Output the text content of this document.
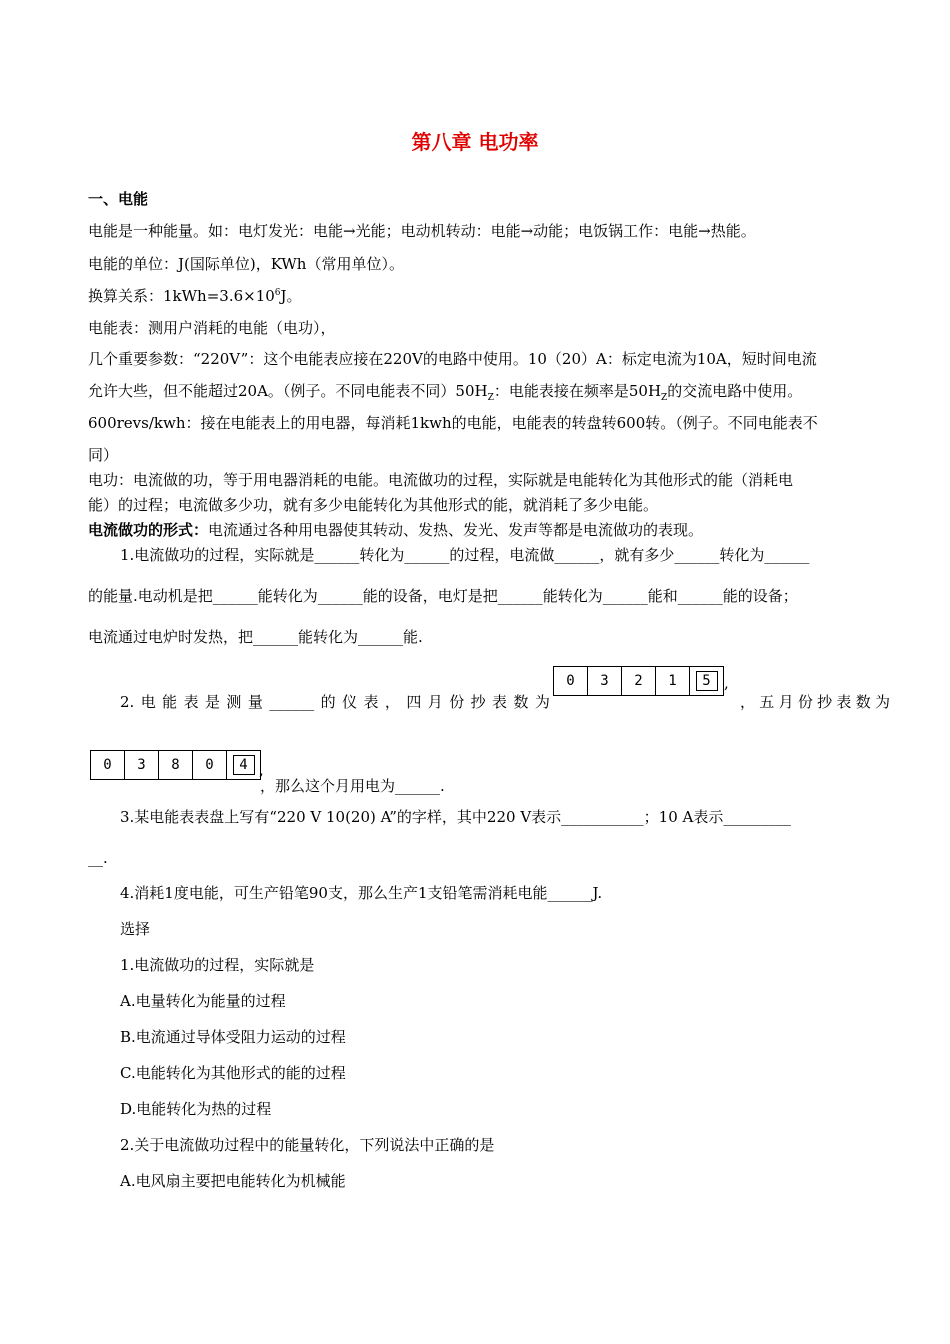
第八章 电功率
一、电能
电能是一种能量。如：电灯发光：电能→光能；电动机转动：电能→动能；电饭锅工作：电能→热能。
电能的单位：J(国际单位)，KWh（常用单位）。
换算关系：$1kWh=3.6\times 10^6J$。
电能表：测用户消耗的电能（电功），
几个重要参数：“220V”：这个电能表应接在220V的电路中使用。10（20）A：标定电流为10A，短时间电流
允许大些，但不能超过20A。（例子。不同电能表不同）$50H_Z$：电能表接在频率是$50H_Z$的交流电路中使用。
600revs/kwh：接在电能表上的用电器，每消耗1kwh的电能，电能表的转盘转600转。（例子。不同电能表不
同）
电功：电流做的功，等于用电器消耗的电能。电流做功的过程，实际就是电能转化为其他形式的能（消耗电
能）的过程；电流做多少功，就有多少电能转化为其他形式的能，就消耗了多少电能。
电流做功的形式：电流通过各种用电器使其转动、发热、发光、发声等都是电流做功的表现。
1.电流做功的过程，实际就是______转化为______的过程，电流做______，就有多少______转化为______
的能量.电动机是把______能转化为______能的设备，电灯是把______能转化为______能和______能的设备；
电流通过电炉时发热，把______能转化为______能.
2. 电 能 表 是 测 量 ______ 的 仪 表 ， 四 月 份 抄 表 数 为
0	3	2	1	5 ,
， 五 月 份 抄 表 数 为
0	3	8	0	4 ,
，那么这个月用电为______.
3.某电能表表盘上写有“220 V 10(20) A”的字样，其中220 V表示___________；10 A表示_________
__.
4.消耗1度电能，可生产铅笔90支，那么生产1支铅笔需消耗电能______J.
选择
1.电流做功的过程，实际就是
A.电量转化为能量的过程
B.电流通过导体受阻力运动的过程
C.电能转化为其他形式的能的过程
D.电能转化为热的过程
2.关于电流做功过程中的能量转化，下列说法中正确的是
A.电风扇主要把电能转化为机械能
